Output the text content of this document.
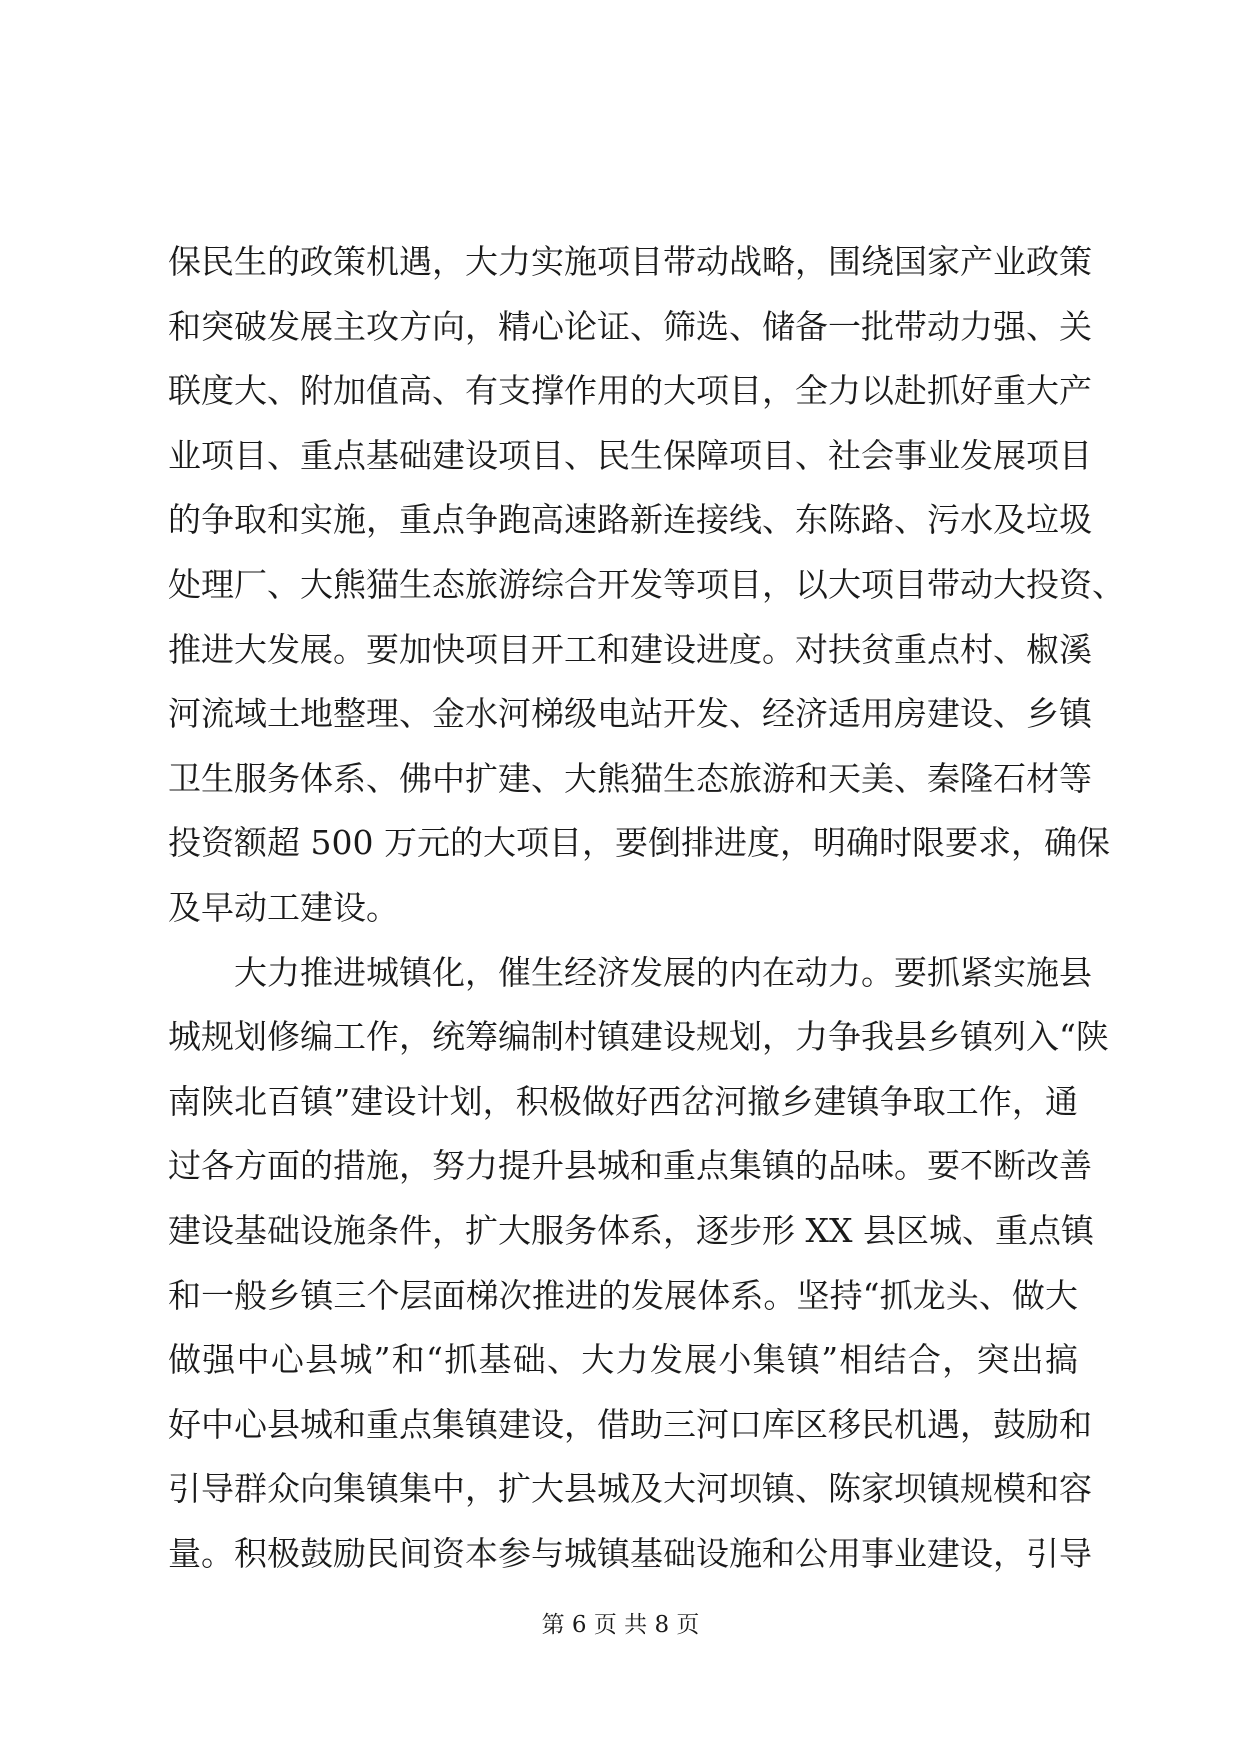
保民生的政策机遇，大力实施项目带动战略，围绕国家产业政策
和突破发展主攻方向，精心论证、筛选、储备一批带动力强、关
联度大、附加值高、有支撑作用的大项目，全力以赴抓好重大产
业项目、重点基础建设项目、民生保障项目、社会事业发展项目
的争取和实施，重点争跑高速路新连接线、东陈路、污水及垃圾
处理厂、大熊猫生态旅游综合开发等项目，以大项目带动大投资、
推进大发展。要加快项目开工和建设进度。对扶贫重点村、椒溪
河流域土地整理、金水河梯级电站开发、经济适用房建设、乡镇
卫生服务体系、佛中扩建、大熊猫生态旅游和天美、秦隆石材等
投资额超 500 万元的大项目，要倒排进度，明确时限要求，确保
及早动工建设。
大力推进城镇化，催生经济发展的内在动力。要抓紧实施县
城规划修编工作，统筹编制村镇建设规划，力争我县乡镇列入“陕
南陕北百镇”建设计划，积极做好西岔河撤乡建镇争取工作，通
过各方面的措施，努力提升县城和重点集镇的品味。要不断改善
建设基础设施条件，扩大服务体系，逐步形 XX 县区城、重点镇
和一般乡镇三个层面梯次推进的发展体系。坚持“抓龙头、做大
做强中心县城”和“抓基础、大力发展小集镇”相结合，突出搞
好中心县城和重点集镇建设，借助三河口库区移民机遇，鼓励和
引导群众向集镇集中，扩大县城及大河坝镇、陈家坝镇规模和容
量。积极鼓励民间资本参与城镇基础设施和公用事业建设，引导
第 6 页 共 8 页
